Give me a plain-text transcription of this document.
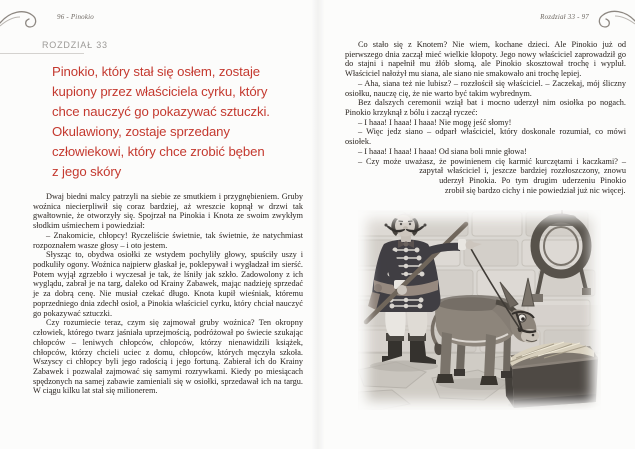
96 - Pinokio
ROZDZIAŁ 33
Pinokio, który stał się osłem, zostaje
kupiony przez właściciela cyrku, który
chce nauczyć go pokazywać sztuczki.
Okulawiony, zostaje sprzedany
człowiekowi, który chce zrobić bęben
z jego skóry

Dwaj biedni malcy patrzyli na siebie ze smutkiem i przygnębieniem. Gruby woźnica niecierpliwił się coraz bardziej, aż wreszcie kopnął w drzwi tak gwałtownie, że otworzyły się. Spojrzał na Pinokia i Knota ze swoim zwykłym słodkim uśmiechem i powiedział:

– Znakomicie, chłopcy! Ryczeliście świetnie, tak świetnie, że natychmiast rozpoznałem wasze głosy – i oto jestem.

Słysząc to, obydwa osiołki ze wstydem pochyliły głowy, spuściły uszy i podkuliły ogony. Woźnica najpierw głaskał je, poklepywał i wygładzał im sierść. Potem wyjął zgrzebło i wyczesał je tak, że lśniły jak szkło. Zadowolony z ich wyglądu, zabrał je na targ, daleko od Krainy Zabawek, mając nadzieję sprzedać je za dobrą cenę. Nie musiał czekać długo. Knota kupił wieśniak, któremu poprzedniego dnia zdechł osioł, a Pinokia właściciel cyrku, który chciał nauczyć go pokazywać sztuczki.

Czy rozumiecie teraz, czym się zajmował gruby woźnica? Ten okropny człowiek, którego twarz jaśniała uprzejmością, podróżował po świecie szukając chłopców – leniwych chłopców, chłopców, którzy nienawidzili książek, chłopców, którzy chcieli uciec z domu, chłopców, których męczyła szkoła. Wszyscy ci chłopcy byli jego radością i jego fortuną. Zabierał ich do Krainy Zabawek i pozwalał zajmować się samymi rozrywkami. Kiedy po miesiącach spędzonych na samej zabawie zamieniali się w osiołki, sprzedawał ich na targu. W ciągu kilku lat stał się milionerem.

Rozdział 33 - 97

Co stało się z Knotem? Nie wiem, kochane dzieci. Ale Pinokio już od pierwszego dnia zaczął mieć wielkie kłopoty. Jego nowy właściciel zaprowadził go do stajni i napełnił mu żłób słomą, ale Pinokio skosztował trochę i wypluł. Właściciel nałożył mu siana, ale siano nie smakowało ani trochę lepiej.

– Aha, siana też nie lubisz? – rozzłościł się właściciel. – Zaczekaj, mój śliczny osiołku, nauczę cię, że nie warto być takim wybrednym.

Bez dalszych ceremonii wziął bat i mocno uderzył nim osiołka po nogach. Pinokio krzyknął z bólu i zaczął ryczeć:

– I haaa! I haaa! I haaa! Nie mogę jeść słomy!

– Więc jedz siano – odparł właściciel, który doskonale rozumiał, co mówi osiołek.

– I haaa! I haaa! I haaa! Od siana boli mnie głowa!

– Czy może uważasz, że powinienem cię karmić kurczętami i kaczkami? – zapytał właściciel i, jeszcze bardziej rozzłoszczony, znowu uderzył Pinokia. Po tym drugim uderzeniu Pinokio zrobił się bardzo cichy i nie powiedział już nic więcej.
